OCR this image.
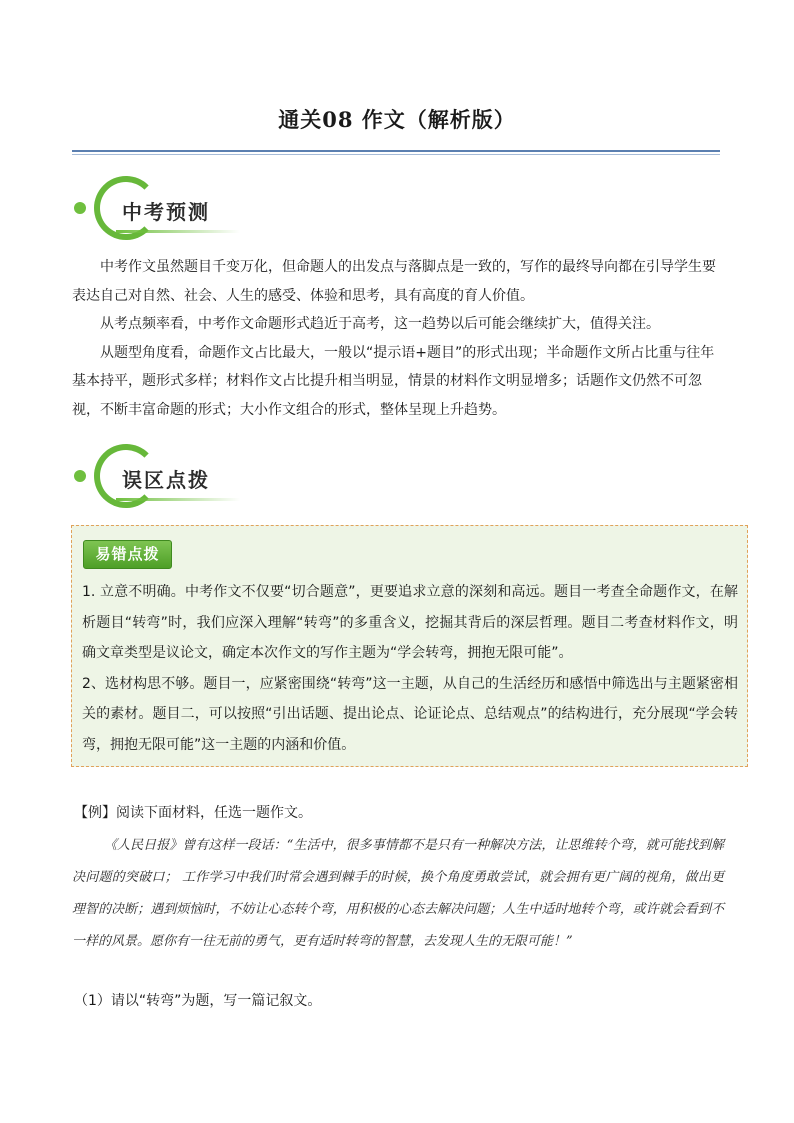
通关08 作文（解析版）
中考预测

中考作文虽然题目千变万化，但命题人的出发点与落脚点是一致的，写作的最终导向都在引导学生要表达自己对自然、社会、人生的感受、体验和思考，具有高度的育人价值。

从考点频率看，中考作文命题形式趋近于高考，这一趋势以后可能会继续扩大，值得关注。

从题型角度看，命题作文占比最大，一般以“提示语+题目”的形式出现；半命题作文所占比重与往年基本持平，题形式多样；材料作文占比提升相当明显，情景的材料作文明显增多；话题作文仍然不可忽视，不断丰富命题的形式；大小作文组合的形式，整体呈现上升趋势。

误区点拨
易错点拨

1. 立意不明确。中考作文不仅要“切合题意”，更要追求立意的深刻和高远。题目一考查全命题作文，在解析题目“转弯”时，我们应深入理解“转弯”的多重含义，挖掘其背后的深层哲理。题目二考查材料作文，明确文章类型是议论文，确定本次作文的写作主题为“学会转弯，拥抱无限可能”。

2、选材构思不够。题目一，应紧密围绕“转弯”这一主题，从自己的生活经历和感悟中筛选出与主题紧密相关的素材。题目二，可以按照“引出话题、提出论点、论证论点、总结观点”的结构进行，充分展现“学会转弯，拥抱无限可能”这一主题的内涵和价值。

【例】阅读下面材料，任选一题作文。

《人民日报》曾有这样一段话：“生活中，很多事情都不是只有一种解决方法，让思维转个弯，就可能找到解决问题的突破口； 工作学习中我们时常会遇到棘手的时候，换个角度勇敢尝试，就会拥有更广阔的视角，做出更理智的决断；遇到烦恼时，不妨让心态转个弯，用积极的心态去解决问题；人生中适时地转个弯，或许就会看到不一样的风景。愿你有一往无前的勇气，更有适时转弯的智慧，去发现人生的无限可能！”

（1）请以“转弯”为题，写一篇记叙文。
